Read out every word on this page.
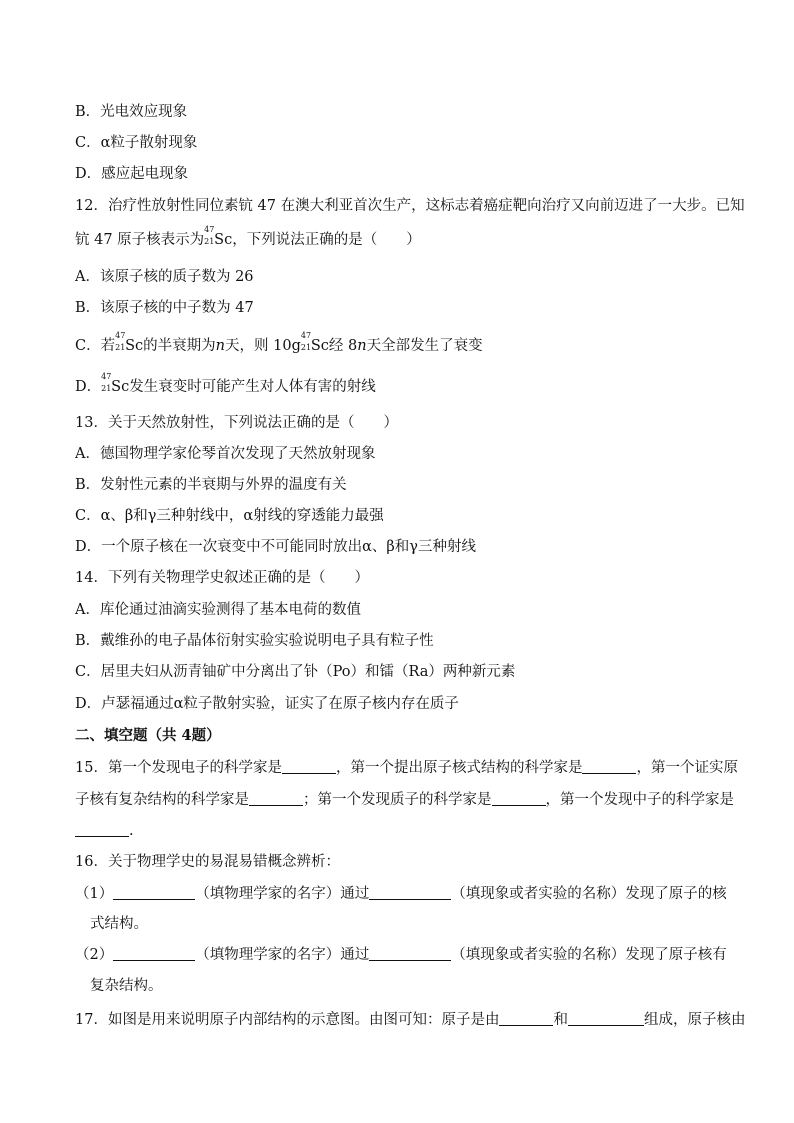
B．光电效应现象
C．α粒子散射现象
D．感应起电现象
12．治疗性放射性同位素钪 47 在澳大利亚首次生产，这标志着癌症靶向治疗又向前迈进了一大步。已知
钪 47 原子核表示为
47
21 Sc，下列说法正确的是（　　）
A．该原子核的质子数为 26
B．该原子核的中子数为 47
C．若
47
21 Sc的半衰期为n天，则 10g
47
21 Sc经 8n天全部发生了衰变
D．
47
21 Sc发生衰变时可能产生对人体有害的射线
13．关于天然放射性，下列说法正确的是（　　）
A．德国物理学家伦琴首次发现了天然放射现象
B．发射性元素的半衰期与外界的温度有关
C．α、β和γ三种射线中，α射线的穿透能力最强
D．一个原子核在一次衰变中不可能同时放出α、β和γ三种射线
14．下列有关物理学史叙述正确的是（　　）
A．库伦通过油滴实验测得了基本电荷的数值
B．戴维孙的电子晶体衍射实验实验说明电子具有粒子性
C．居里夫妇从沥青铀矿中分离出了钋（Po）和镭（Ra）两种新元素
D．卢瑟福通过α粒子散射实验，证实了在原子核内存在质子
二、填空题（共 4题）
15．第一个发现电子的科学家是	，第一个提出原子核式结构的科学家是	，第一个证实原
子核有复杂结构的科学家是	；第一个发现质子的科学家是	，第一个发现中子的科学家是
.
16．关于物理学史的易混易错概念辨析：
（1）	（填物理学家的名字）通过	（填现象或者实验的名称）发现了原子的核
式结构。
（2）	（填物理学家的名字）通过	（填现象或者实验的名称）发现了原子核有
复杂结构。
17．如图是用来说明原子内部结构的示意图。由图可知：原子是由	和	组成，原子核由
